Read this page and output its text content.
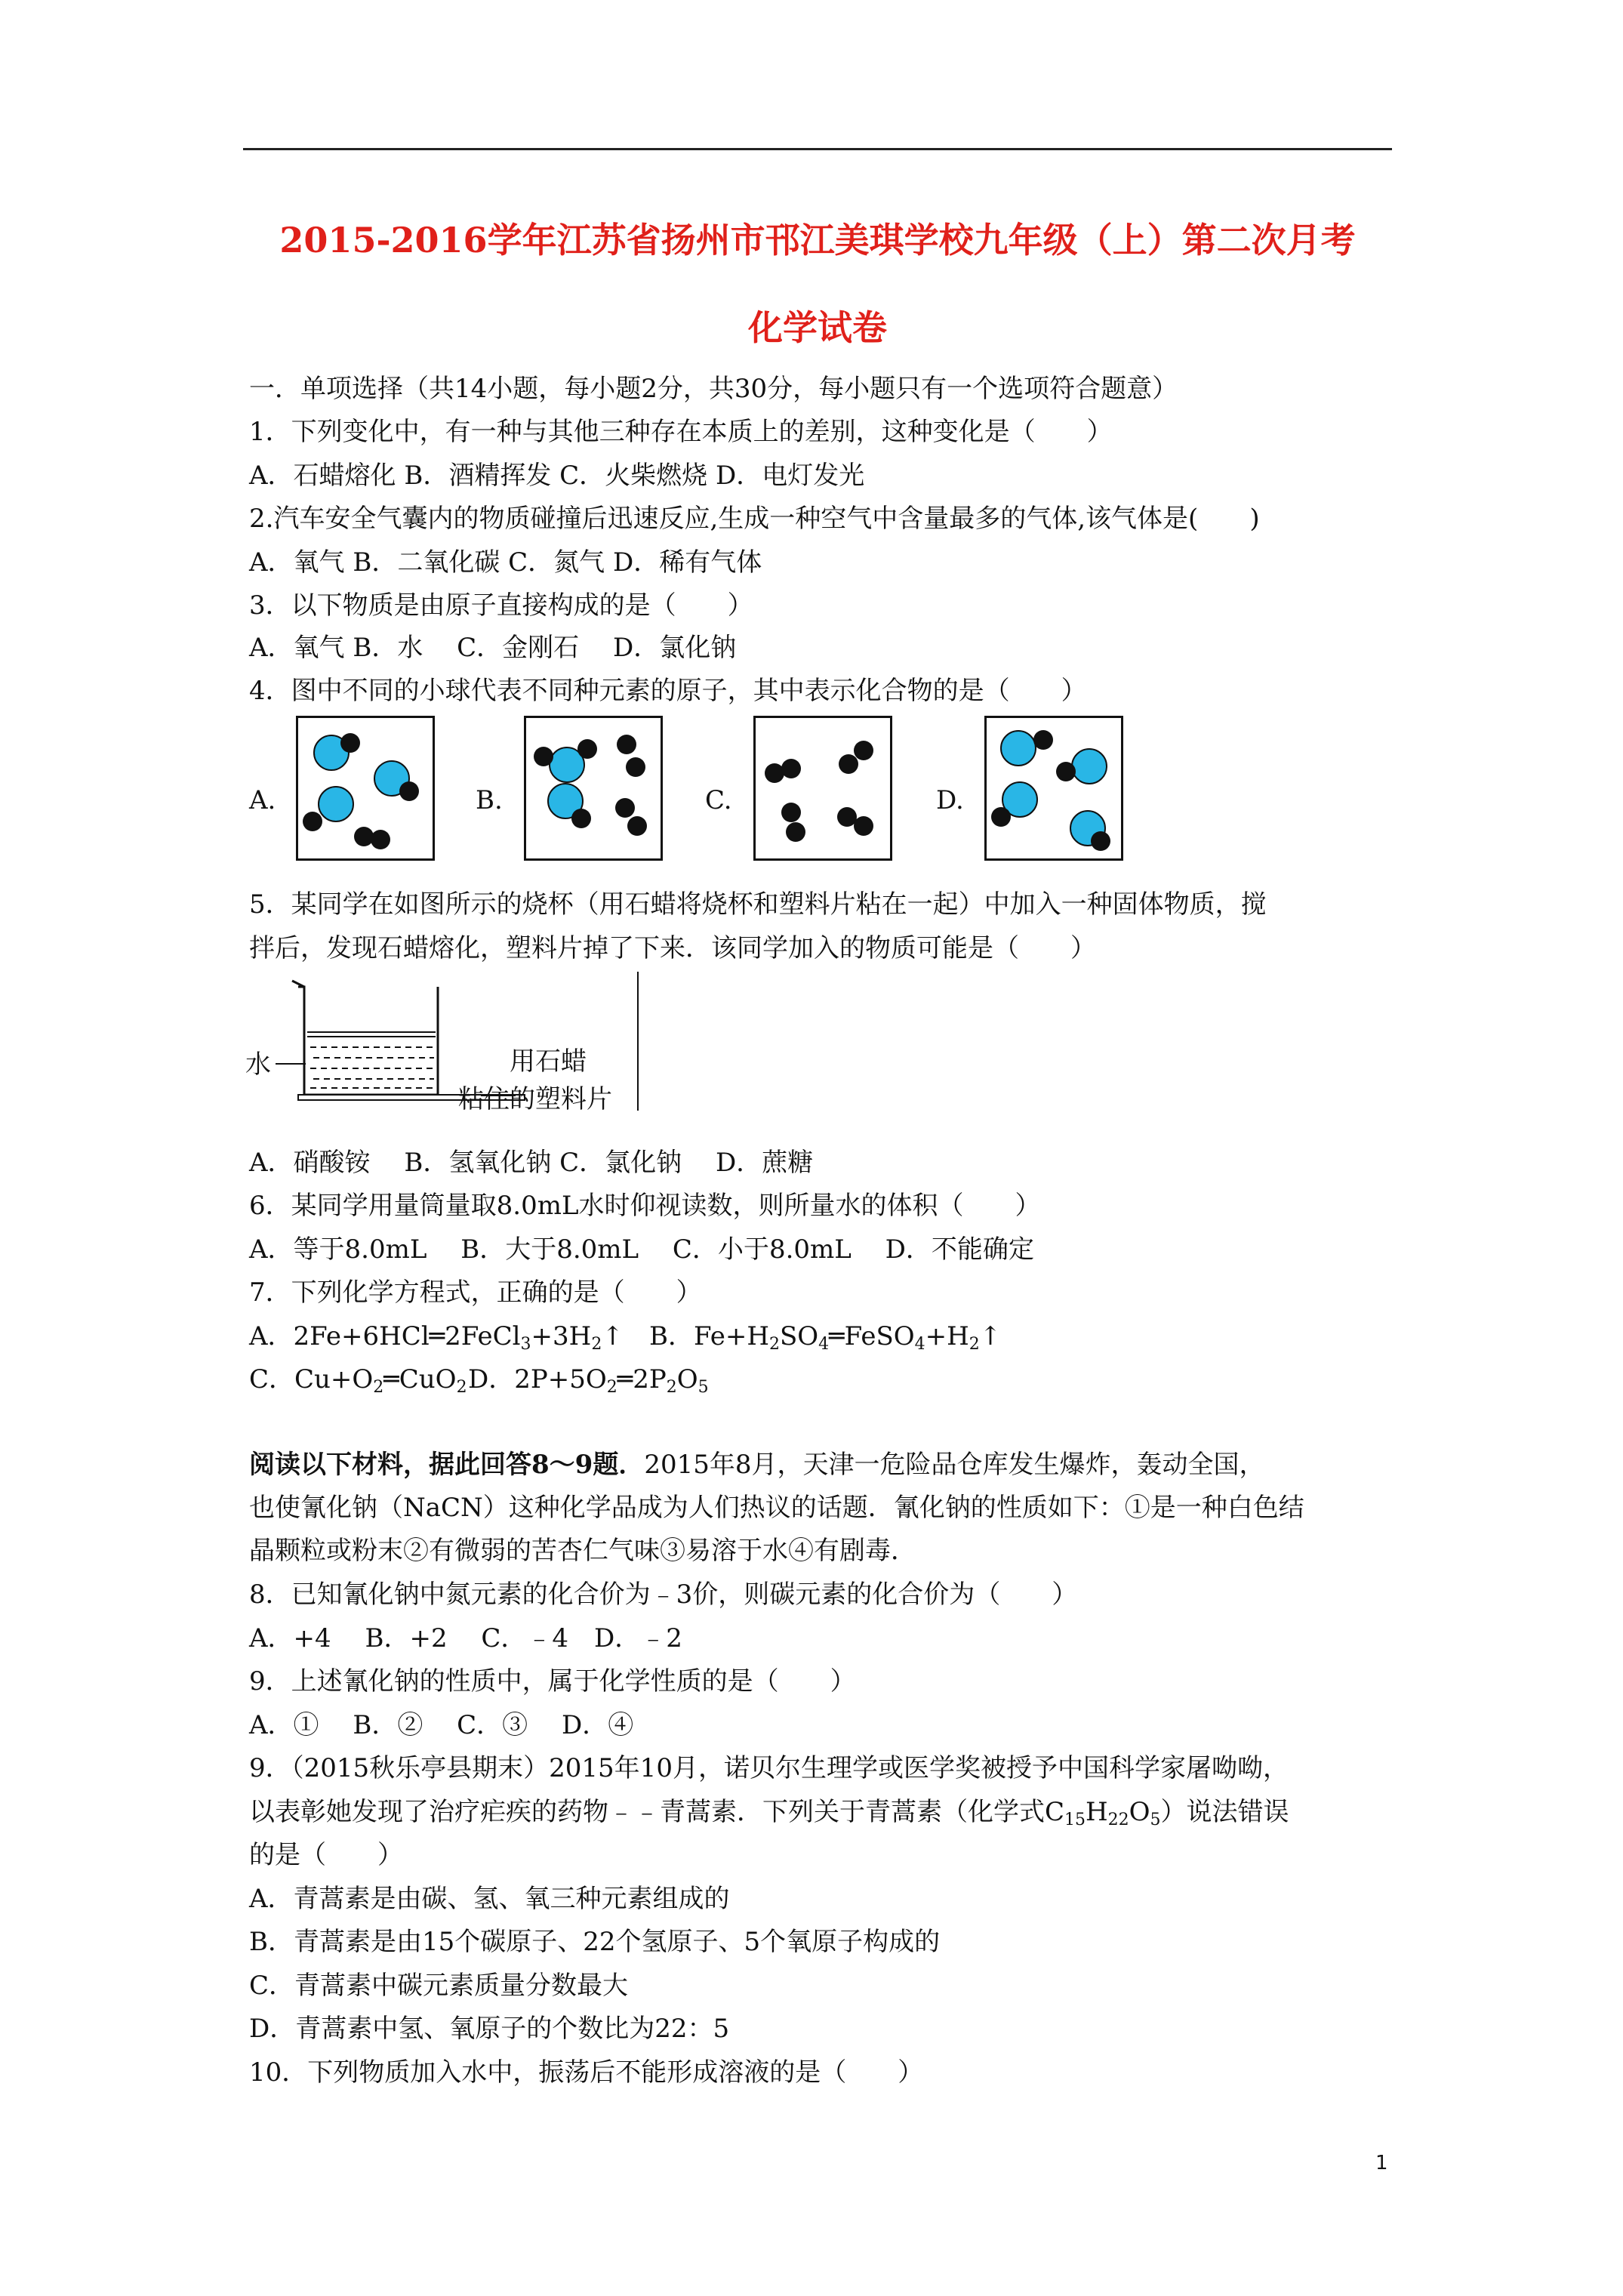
2015-2016学年江苏省扬州市邗江美琪学校九年级（上）第二次月考
化学试卷
一．单项选择（共14小题，每小题2分，共30分，每小题只有一个选项符合题意）
1．下列变化中，有一种与其他三种存在本质上的差别，这种变化是（　　）
A．石蜡熔化 B．酒精挥发 C．火柴燃烧 D．电灯发光
2.汽车安全气囊内的物质碰撞后迅速反应,生成一种空气中含量最多的气体,该气体是(　　)
A．氧气 B．二氧化碳 C．氮气 D．稀有气体
3．以下物质是由原子直接构成的是（　　）
A．氧气 B．水　 C．金刚石　 D．氯化钠
4．图中不同的小球代表不同种元素的原子，其中表示化合物的是（　　）
A.	B.	C.	D.
5．某同学在如图所示的烧杯（用石蜡将烧杯和塑料片粘在一起）中加入一种固体物质，搅
拌后，发现石蜡熔化，塑料片掉了下来．该同学加入的物质可能是（　　）
水	用石蜡
粘住的塑料片
A．硝酸铵　 B．氢氧化钠 C．氯化钠　 D．蔗糖
6．某同学用量筒量取8.0mL水时仰视读数，则所量水的体积（　　）
A．等于8.0mL　 B．大于8.0mL　 C．小于8.0mL　 D．不能确定
7．下列化学方程式，正确的是（　　）
A．$2Fe+6HCl═2FeCl_3+3H_2↑$ B．$Fe+H_2SO_4═FeSO_4+H_2↑$
C．$Cu+O_2═CuO_2$ D．$2P+5O_2═2P_2O_5$
阅读以下材料，据此回答8～9题．2015年8月，天津一危险品仓库发生爆炸，轰动全国，
也使氰化钠（NaCN）这种化学品成为人们热议的话题．氰化钠的性质如下：①是一种白色结
晶颗粒或粉末②有微弱的苦杏仁气味③易溶于水④有剧毒．
8．已知氰化钠中氮元素的化合价为﹣3价，则碳元素的化合价为（　　）
A．+4　 B．+2　 C．﹣4　D．﹣2
9．上述氰化钠的性质中，属于化学性质的是（　　）
A．①　 B．②　 C．③　 D．④
9．（2015秋乐亭县期末）2015年10月，诺贝尔生理学或医学奖被授予中国科学家屠呦呦，
以表彰她发现了治疗疟疾的药物﹣﹣青蒿素．下列关于青蒿素（化学式$C_{15}H_{22}O_5$）说法错误
的是（　　）
A．青蒿素是由碳、氢、氧三种元素组成的
B．青蒿素是由15个碳原子、22个氢原子、5个氧原子构成的
C．青蒿素中碳元素质量分数最大
D．青蒿素中氢、氧原子的个数比为22：5
10．下列物质加入水中，振荡后不能形成溶液的是（　　）
1
